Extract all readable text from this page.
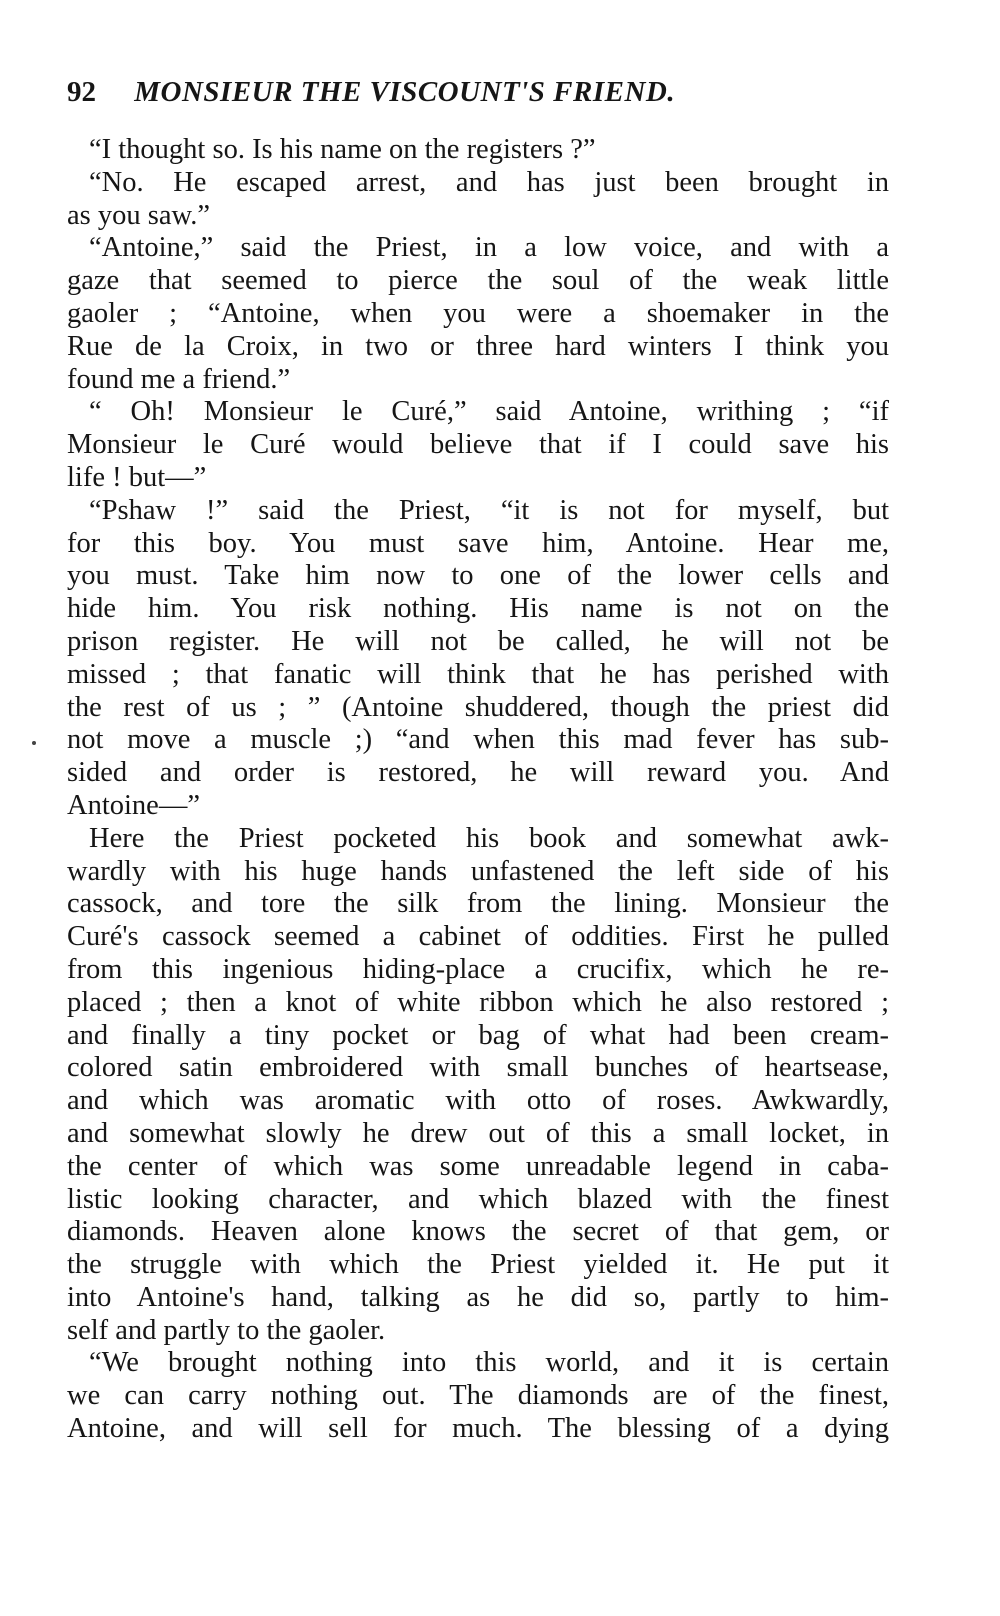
92 MONSIEUR THE VISCOUNT'S FRIEND.

“I thought so. Is his name on the registers ?”

“No. He escaped arrest, and has just been brought in
as you saw.”

“Antoine,” said the Priest, in a low voice, and with a
gaze that seemed to pierce the soul of the weak little
gaoler ; “Antoine, when you were a shoemaker in the
Rue de la Croix, in two or three hard winters I think you
found me a friend.”

“ Oh! Monsieur le Curé,” said Antoine, writhing ; “if
Monsieur le Curé would believe that if I could save his
life ! but—”

“Pshaw !” said the Priest, “it is not for myself, but
for this boy. You must save him, Antoine. Hear me,
you must. Take him now to one of the lower cells and
hide him. You risk nothing. His name is not on the
prison register. He will not be called, he will not be
missed ; that fanatic will think that he has perished with
the rest of us ; ” (Antoine shuddered, though the priest did
not move a muscle ;) “and when this mad fever has sub-
sided and order is restored, he will reward you. And
Antoine—”

Here the Priest pocketed his book and somewhat awk-
wardly with his huge hands unfastened the left side of his
cassock, and tore the silk from the lining. Monsieur the
Curé's cassock seemed a cabinet of oddities. First he pulled
from this ingenious hiding-place a crucifix, which he re-
placed ; then a knot of white ribbon which he also restored ;
and finally a tiny pocket or bag of what had been cream-
colored satin embroidered with small bunches of heartsease,
and which was aromatic with otto of roses. Awkwardly,
and somewhat slowly he drew out of this a small locket, in
the center of which was some unreadable legend in caba-
listic looking character, and which blazed with the finest
diamonds. Heaven alone knows the secret of that gem, or
the struggle with which the Priest yielded it. He put it
into Antoine's hand, talking as he did so, partly to him-
self and partly to the gaoler.

“We brought nothing into this world, and it is certain
we can carry nothing out. The diamonds are of the finest,
Antoine, and will sell for much. The blessing of a dying
